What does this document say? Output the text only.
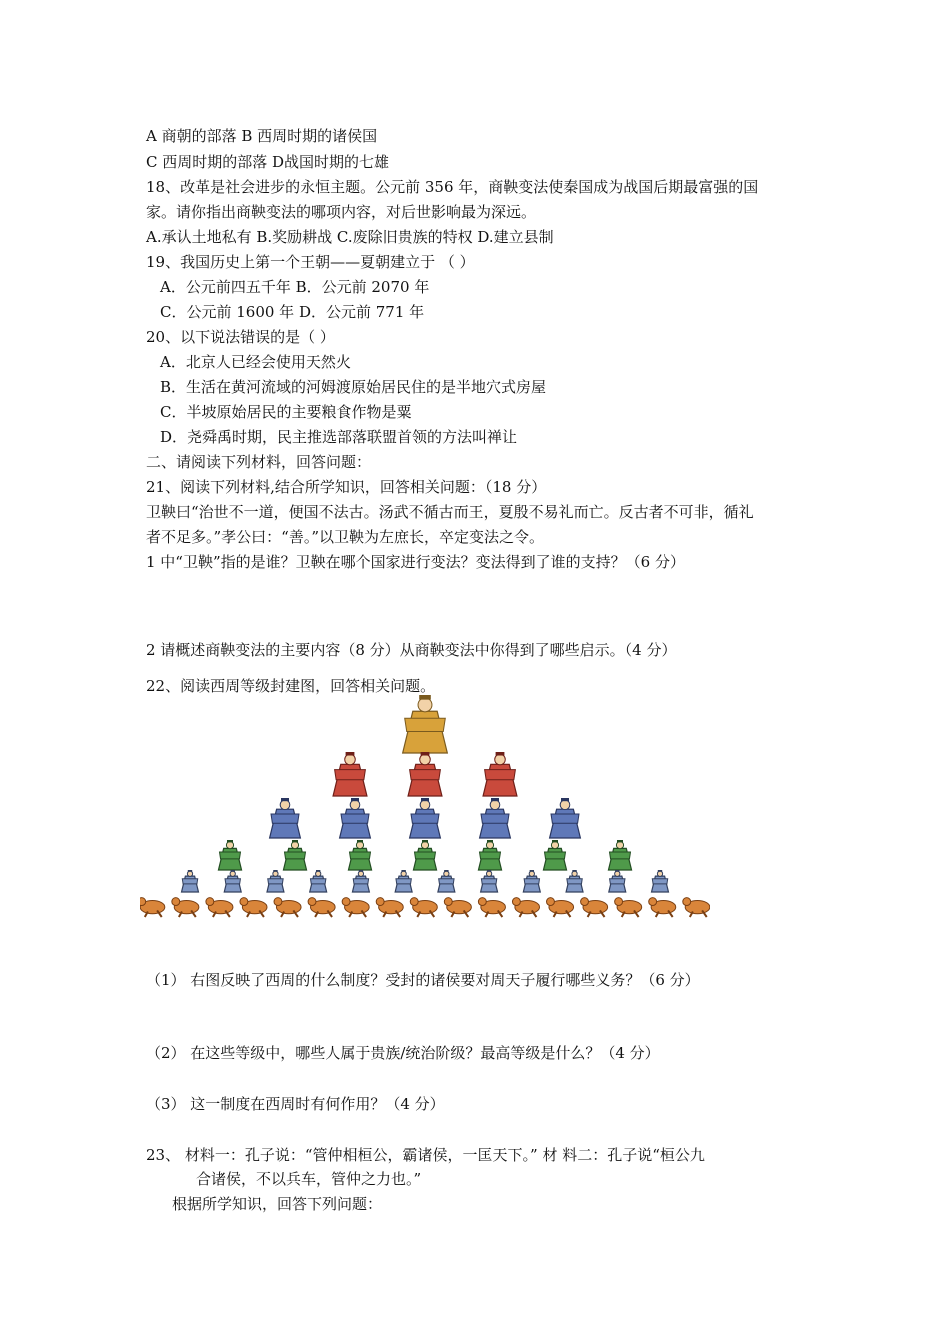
A 商朝的部落 B 西周时期的诸侯国
C 西周时期的部落 D战国时期的七雄
18、改革是社会进步的永恒主题。公元前 356 年，商鞅变法使秦国成为战国后期最富强的国
家。请你指出商鞅变法的哪项内容，对后世影响最为深远。
A.承认土地私有 B.奖励耕战 C.废除旧贵族的特权 D.建立县制
19、我国历史上第一个王朝——夏朝建立于 （ ）
A．公元前四五千年 B．公元前 2070 年
C．公元前 1600 年 D．公元前 771 年
20、以下说法错误的是（ ）
A．北京人已经会使用天然火
B．生活在黄河流域的河姆渡原始居民住的是半地穴式房屋
C．半坡原始居民的主要粮食作物是粟
D．尧舜禹时期，民主推选部落联盟首领的方法叫禅让
二、请阅读下列材料，回答问题：
21、阅读下列材料,结合所学知识，回答相关问题：（18 分）
卫鞅曰“治世不一道，便国不法古。汤武不循古而王，夏殷不易礼而亡。反古者不可非，循礼
者不足多。”孝公曰：“善。”以卫鞅为左庶长，卒定变法之令。
1 中“卫鞅”指的是谁？卫鞅在哪个国家进行变法？变法得到了谁的支持？（6 分）
2 请概述商鞅变法的主要内容（8 分）从商鞅变法中你得到了哪些启示。（4 分）
22、阅读西周等级封建图，回答相关问题。
（1） 右图反映了西周的什么制度？受封的诸侯要对周天子履行哪些义务？（6 分）
（2） 在这些等级中，哪些人属于贵族/统治阶级？最高等级是什么？（4 分）
（3） 这一制度在西周时有何作用？（4 分）
23、 材料一：孔子说：“管仲相桓公，霸诸侯，一匡天下。” 材 料二：孔子说“桓公九
合诸侯，不以兵车，管仲之力也。”
根据所学知识，回答下列问题：
